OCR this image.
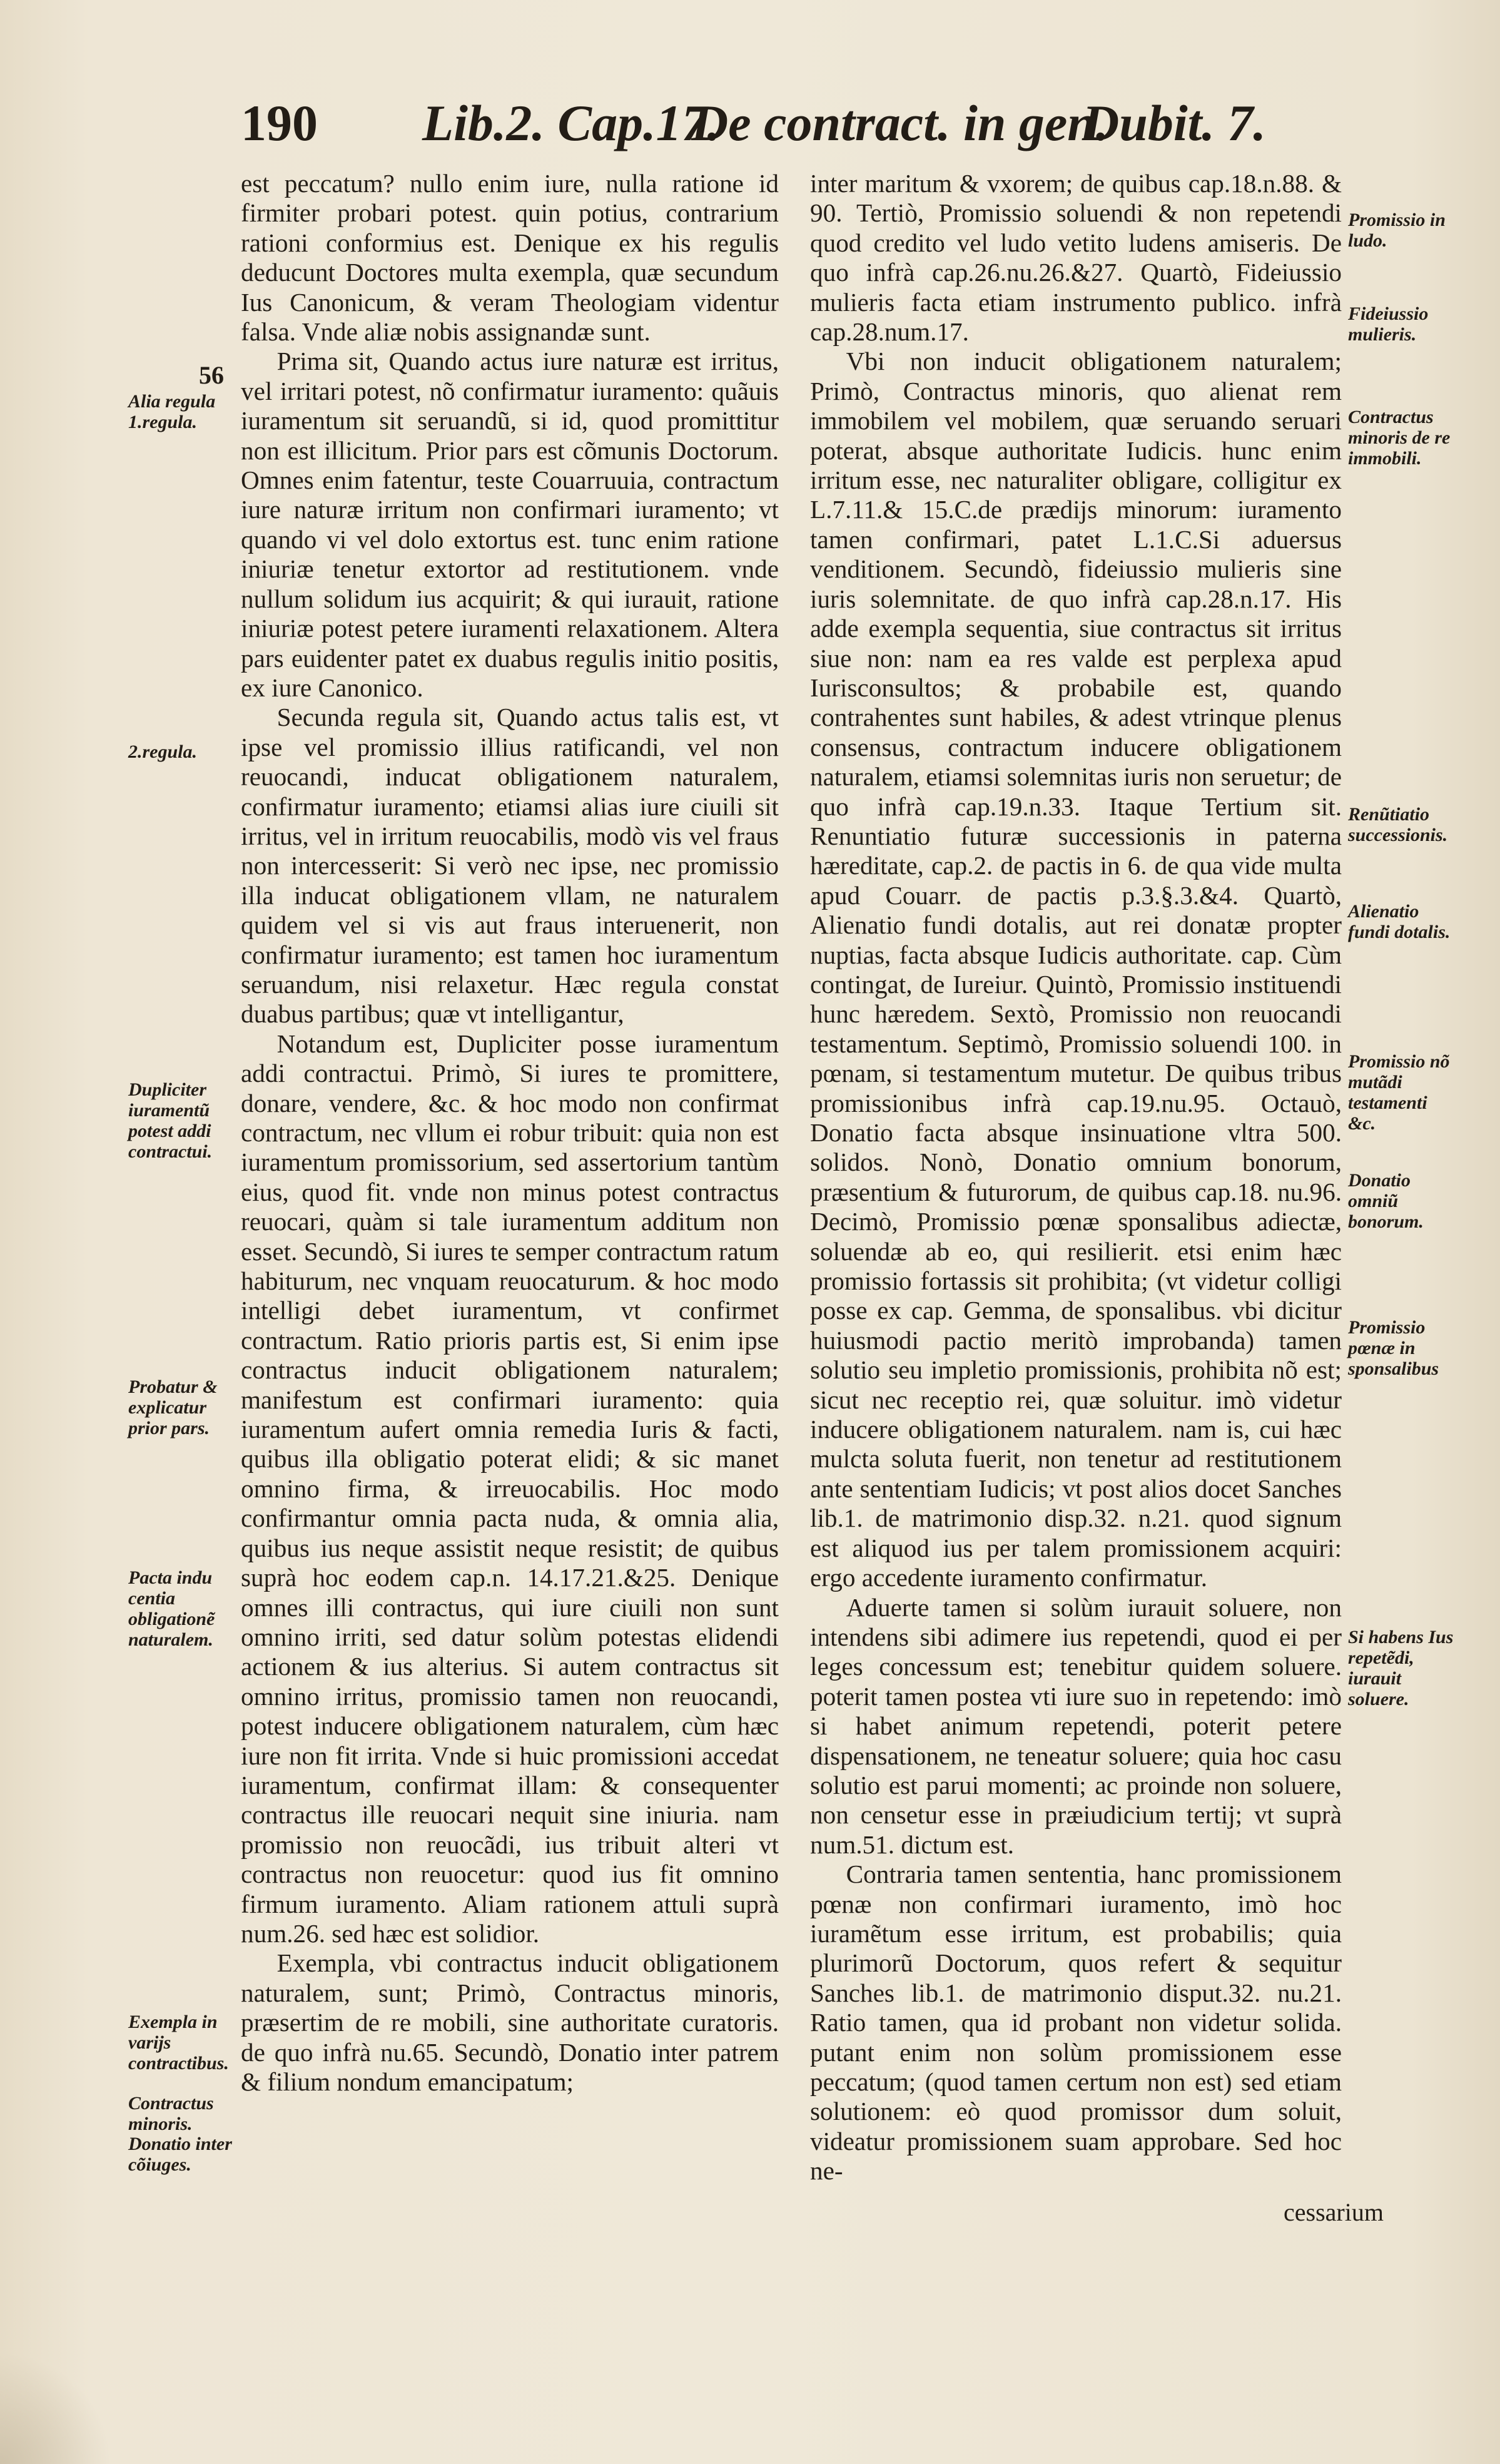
190 Lib.2. Cap.17.
De contract. in gen.
Dubit. 7.
56

est peccatum? nullo enim iure, nulla ratione id firmiter probari potest. quin potius, contrarium rationi conformius est. Denique ex his regulis deducunt Doctores multa exempla, quæ secundum Ius Canonicum, & veram Theologiam videntur falsa. Vnde aliæ nobis assignandæ sunt.

Prima sit, Quando actus iure naturæ est irritus, vel irritari potest, nõ confirmatur iuramento: quãuis iuramentum sit seruandũ, si id, quod promittitur non est illicitum. Prior pars est cõmunis Doctorum. Omnes enim fatentur, teste Couarruuia, contractum iure naturæ irritum non confirmari iuramento; vt quando vi vel dolo extortus est. tunc enim ratione iniuriæ tenetur extortor ad restitutionem. vnde nullum solidum ius acquirit; & qui iurauit, ratione iniuriæ potest petere iuramenti relaxationem. Altera pars euidenter patet ex duabus regulis initio positis, ex iure Canonico.

Secunda regula sit, Quando actus talis est, vt ipse vel promissio illius ratificandi, vel non reuocandi, inducat obligationem naturalem, confirmatur iuramento; etiamsi alias iure ciuili sit irritus, vel in irritum reuocabilis, modò vis vel fraus non intercesserit: Si verò nec ipse, nec promissio illa inducat obligationem vllam, ne naturalem quidem vel si vis aut fraus interuenerit, non confirmatur iuramento; est tamen hoc iuramentum seruandum, nisi relaxetur. Hæc regula constat duabus partibus; quæ vt intelligantur,

Notandum est, Dupliciter posse iuramentum addi contractui. Primò, Si iures te promittere, donare, vendere, &c. & hoc modo non confirmat contractum, nec vllum ei robur tribuit: quia non est iuramentum promissorium, sed assertorium tantùm eius, quod fit. vnde non minus potest contractus reuocari, quàm si tale iuramentum additum non esset. Secundò, Si iures te semper contractum ratum habiturum, nec vnquam reuocaturum. & hoc modo intelligi debet iuramentum, vt confirmet contractum. Ratio prioris partis est, Si enim ipse contractus inducit obligationem naturalem; manifestum est confirmari iuramento: quia iuramentum aufert omnia remedia Iuris & facti, quibus illa obligatio poterat elidi; & sic manet omnino firma, & irreuocabilis. Hoc modo confirmantur omnia pacta nuda, & omnia alia, quibus ius neque assistit neque resistit; de quibus suprà hoc eodem cap.n. 14.17.21.&25. Denique omnes illi contractus, qui iure ciuili non sunt omnino irriti, sed datur solùm potestas elidendi actionem & ius alterius. Si autem contractus sit omnino irritus, promissio tamen non reuocandi, potest inducere obligationem naturalem, cùm hæc iure non fit irrita. Vnde si huic promissioni accedat iuramentum, confirmat illam: & consequenter contractus ille reuocari nequit sine iniuria. nam promissio non reuocãdi, ius tribuit alteri vt contractus non reuocetur: quod ius fit omnino firmum iuramento. Aliam rationem attuli suprà num.26. sed hæc est solidior.

Exempla, vbi contractus inducit obligationem naturalem, sunt; Primò, Contractus minoris, præsertim de re mobili, sine authoritate curatoris. de quo infrà nu.65. Secundò, Donatio inter patrem & filium nondum emancipatum;

inter maritum & vxorem; de quibus cap.18.n.88. & 90. Tertiò, Promissio soluendi & non repetendi quod credito vel ludo vetito ludens amiseris. De quo infrà cap.26.nu.26.&27. Quartò, Fideiussio mulieris facta etiam instrumento publico. infrà cap.28.num.17.

Vbi non inducit obligationem naturalem; Primò, Contractus minoris, quo alienat rem immobilem vel mobilem, quæ seruando seruari poterat, absque authoritate Iudicis. hunc enim irritum esse, nec naturaliter obligare, colligitur ex L.7.11.& 15.C.de prædijs minorum: iuramento tamen confirmari, patet L.1.C.Si aduersus venditionem. Secundò, fideiussio mulieris sine iuris solemnitate. de quo infrà cap.28.n.17. His adde exempla sequentia, siue contractus sit irritus siue non: nam ea res valde est perplexa apud Iurisconsultos; & probabile est, quando contrahentes sunt habiles, & adest vtrinque plenus consensus, contractum inducere obligationem naturalem, etiamsi solemnitas iuris non seruetur; de quo infrà cap.19.n.33. Itaque Tertium sit. Renuntiatio futuræ successionis in paterna hæreditate, cap.2. de pactis in 6. de qua vide multa apud Couarr. de pactis p.3.§.3.&4. Quartò, Alienatio fundi dotalis, aut rei donatæ propter nuptias, facta absque Iudicis authoritate. cap. Cùm contingat, de Iureiur. Quintò, Promissio instituendi hunc hæredem. Sextò, Promissio non reuocandi testamentum. Septimò, Promissio soluendi 100. in pœnam, si testamentum mutetur. De quibus tribus promissionibus infrà cap.19.nu.95. Octauò, Donatio facta absque insinuatione vltra 500. solidos. Nonò, Donatio omnium bonorum, præsentium & futurorum, de quibus cap.18. nu.96. Decimò, Promissio pœnæ sponsalibus adiectæ, soluendæ ab eo, qui resilierit. etsi enim hæc promissio fortassis sit prohibita; (vt videtur colligi posse ex cap. Gemma, de sponsalibus. vbi dicitur huiusmodi pactio meritò improbanda) tamen solutio seu impletio promissionis, prohibita nõ est; sicut nec receptio rei, quæ soluitur. imò videtur inducere obligationem naturalem. nam is, cui hæc mulcta soluta fuerit, non tenetur ad restitutionem ante sententiam Iudicis; vt post alios docet Sanches lib.1. de matrimonio disp.32. n.21. quod signum est aliquod ius per talem promissionem acquiri: ergo accedente iuramento confirmatur.

Aduerte tamen si solùm iurauit soluere, non intendens sibi adimere ius repetendi, quod ei per leges concessum est; tenebitur quidem soluere. poterit tamen postea vti iure suo in repetendo: imò si habet animum repetendi, poterit petere dispensationem, ne teneatur soluere; quia hoc casu solutio est parui momenti; ac proinde non soluere, non censetur esse in præiudicium tertij; vt suprà num.51. dictum est.

Contraria tamen sententia, hanc promissionem pœnæ non confirmari iuramento, imò hoc iuramẽtum esse irritum, est probabilis; quia plurimorũ Doctorum, quos refert & sequitur Sanches lib.1. de matrimonio disput.32. nu.21. Ratio tamen, qua id probant non videtur solida. putant enim non solùm promissionem esse peccatum; (quod tamen certum non est) sed etiam solutionem: eò quod promissor dum soluit, videatur promissionem suam approbare. Sed hoc ne-

Alia regula 1.regula.
2.regula.
Dupliciter iuramentũ potest addi contractui.
Probatur & explicatur prior pars.
Pacta indu centia obligationẽ naturalem.
Exempla in varijs contractibus.
Contractus minoris.
Donatio inter cõiuges.
Promissio in ludo.
Fideiussio mulieris.
Contractus minoris de re immobili.
Renũtiatio successionis.
Alienatio fundi dotalis.
Promissio nõ mutãdi testamenti &c.
Donatio omniũ bonorum.
Promissio pœnæ in sponsalibus
Si habens Ius repetẽdi, iurauit soluere.
cessarium
